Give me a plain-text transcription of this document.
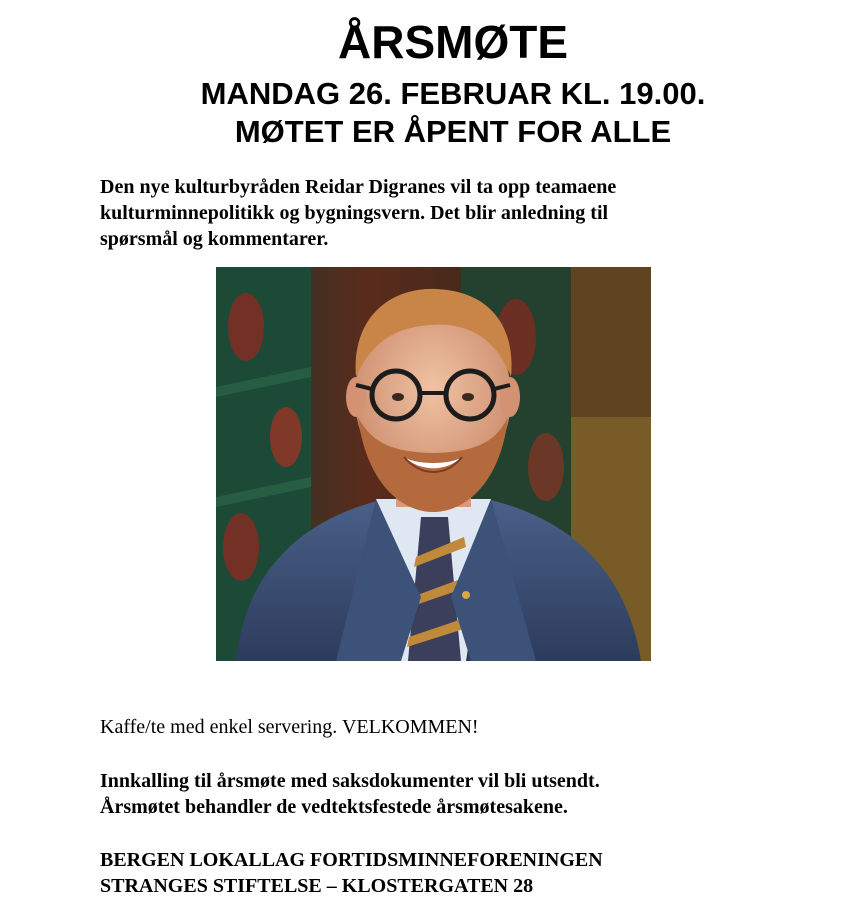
ÅRSMØTE
MANDAG 26. FEBRUAR KL. 19.00.
MØTET ER ÅPENT FOR ALLE

Den nye kulturbyråden Reidar Digranes vil ta opp teamaene
kulturminnepolitikk og bygningsvern. Det blir anledning til
spørsmål og kommentarer.

Kaffe/te med enkel servering. VELKOMMEN!

Innkalling til årsmøte med saksdokumenter vil bli utsendt.
Årsmøtet behandler de vedtektsfestede årsmøtesakene.

BERGEN LOKALLAG FORTIDSMINNEFORENINGEN
STRANGES STIFTELSE – KLOSTERGATEN 28
